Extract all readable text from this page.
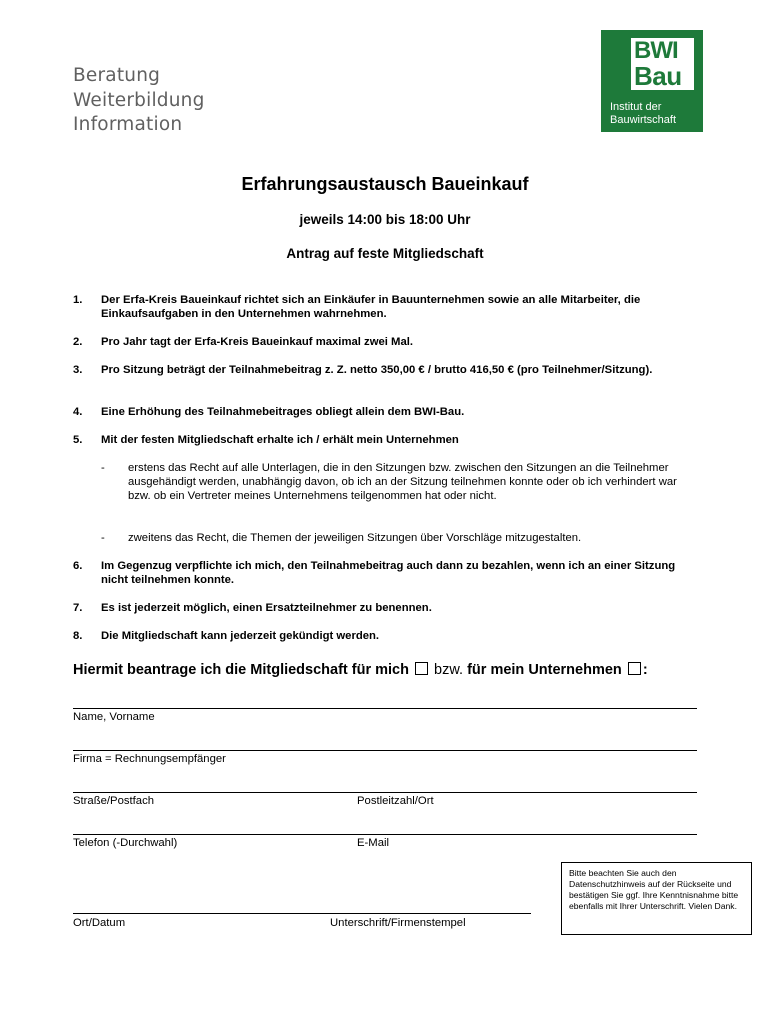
Beratung
Weiterbildung
Information
BWI
Bau
Institut der
Bauwirtschaft
Erfahrungsaustausch Baueinkauf
jeweils 14:00 bis 18:00 Uhr
Antrag auf feste Mitgliedschaft
1. Der Erfa-Kreis Baueinkauf richtet sich an Einkäufer in Bauunternehmen sowie an alle Mitarbeiter, die Einkaufsaufgaben in den Unternehmen wahrnehmen.
2. Pro Jahr tagt der Erfa-Kreis Baueinkauf maximal zwei Mal.
3. Pro Sitzung beträgt der Teilnahmebeitrag z. Z. netto 350,00 € / brutto 416,50 € (pro Teilnehmer/Sitzung).
4. Eine Erhöhung des Teilnahmebeitrages obliegt allein dem BWI-Bau.
5. Mit der festen Mitgliedschaft erhalte ich / erhält mein Unternehmen
- erstens das Recht auf alle Unterlagen, die in den Sitzungen bzw. zwischen den Sitzungen an die Teilnehmer ausgehändigt werden, unabhängig davon, ob ich an der Sitzung teilnehmen konnte oder ob ich verhindert war bzw. ob ein Vertreter meines Unternehmens teilgenommen hat oder nicht.
- zweitens das Recht, die Themen der jeweiligen Sitzungen über Vorschläge mitzugestalten.
6. Im Gegenzug verpflichte ich mich, den Teilnahmebeitrag auch dann zu bezahlen, wenn ich an einer Sitzung nicht teilnehmen konnte.
7. Es ist jederzeit möglich, einen Ersatzteilnehmer zu benennen.
8. Die Mitgliedschaft kann jederzeit gekündigt werden.
Hiermit beantrage ich die Mitgliedschaft für mich bzw. für mein Unternehmen :
Name, Vorname
Firma = Rechnungsempfänger
Straße/Postfach	Postleitzahl/Ort
Telefon (-Durchwahl)	E-Mail
Ort/Datum	Unterschrift/Firmenstempel
Bitte beachten Sie auch den Datenschutzhinweis auf der Rückseite und bestätigen Sie ggf. Ihre Kenntnisnahme bitte ebenfalls mit Ihrer Unterschrift. Vielen Dank.
